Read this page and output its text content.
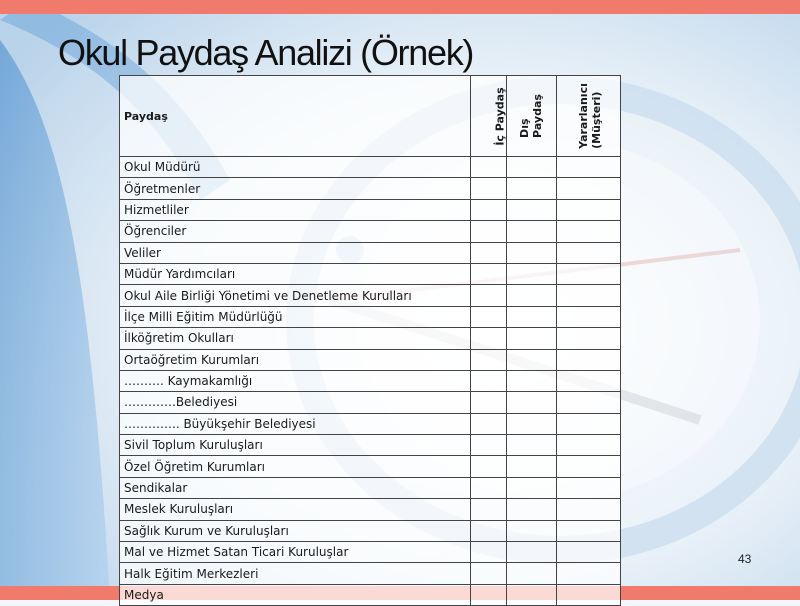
Okul Paydaş Analizi (Örnek)
Paydaş	İç Paydaş	Dış Paydaş	Yararlanıcı (Müşteri)

Okul Müdürü			
Öğretmenler			
Hizmetliler			
Öğrenciler			
Veliler			
Müdür Yardımcıları			
Okul Aile Birliği Yönetimi ve Denetleme Kurulları			
İlçe Milli Eğitim Müdürlüğü			
İlköğretim Okulları			
Ortaöğretim Kurumları			
………. Kaymakamlığı			
………….Belediyesi			
………….. Büyükşehir Belediyesi			
Sivil Toplum Kuruluşları			
Özel Öğretim Kurumları			
Sendikalar			
Meslek Kuruluşları			
Sağlık Kurum ve Kuruluşları			
Mal ve Hizmet Satan Ticari Kuruluşlar			
Halk Eğitim Merkezleri			
Medya			
43
